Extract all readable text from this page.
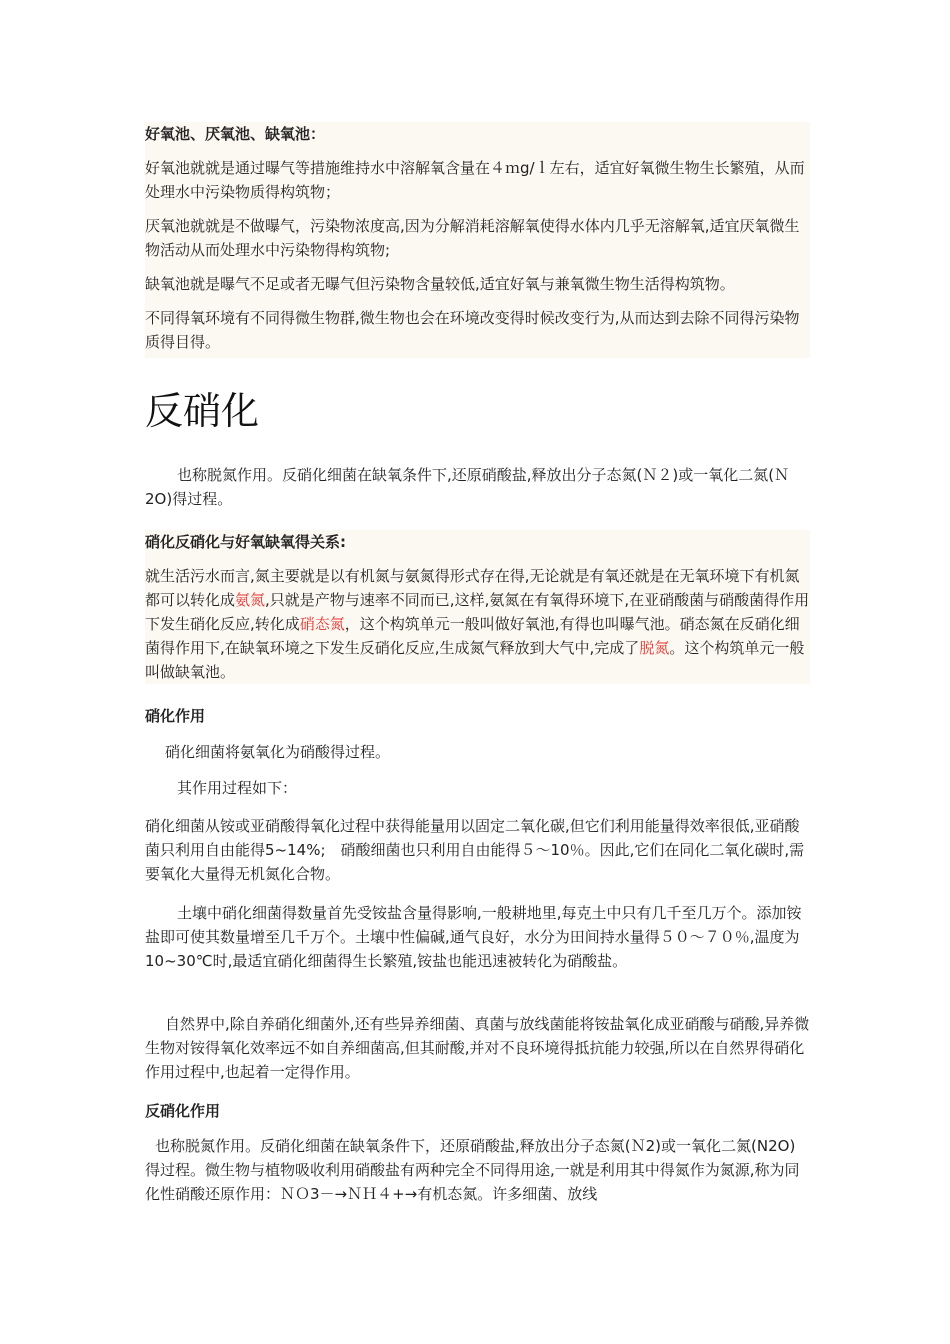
好氧池、厌氧池、缺氧池：

好氧池就就是通过曝气等措施维持水中溶解氧含量在４ｍg/ｌ左右，适宜好氧微生物生长繁殖，从而处理水中污染物质得构筑物；

厌氧池就就是不做曝气，污染物浓度高,因为分解消耗溶解氧使得水体内几乎无溶解氧,适宜厌氧微生物活动从而处理水中污染物得构筑物;

缺氧池就是曝气不足或者无曝气但污染物含量较低,适宜好氧与兼氧微生物生活得构筑物。

不同得氧环境有不同得微生物群,微生物也会在环境改变得时候改变行为,从而达到去除不同得污染物质得目得。

反硝化

也称脱氮作用。反硝化细菌在缺氧条件下,还原硝酸盐,释放出分子态氮(Ｎ２)或一氧化二氮(Ｎ2O)得过程。

硝化反硝化与好氧缺氧得关系:

就生活污水而言,氮主要就是以有机氮与氨氮得形式存在得,无论就是有氧还就是在无氧环境下有机氮都可以转化成氨氮,只就是产物与速率不同而已,这样,氨氮在有氧得环境下,在亚硝酸菌与硝酸菌得作用下发生硝化反应,转化成硝态氮，这个构筑单元一般叫做好氧池,有得也叫曝气池。硝态氮在反硝化细菌得作用下,在缺氧环境之下发生反硝化反应,生成氮气释放到大气中,完成了脱氮。这个构筑单元一般叫做缺氧池。

硝化作用

硝化细菌将氨氧化为硝酸得过程。

其作用过程如下：

硝化细菌从铵或亚硝酸得氧化过程中获得能量用以固定二氧化碳,但它们利用能量得效率很低,亚硝酸菌只利用自由能得5~14%;　硝酸细菌也只利用自由能得５～10％。因此,它们在同化二氧化碳时,需要氧化大量得无机氮化合物。

土壤中硝化细菌得数量首先受铵盐含量得影响,一般耕地里,每克土中只有几千至几万个。添加铵盐即可使其数量增至几千万个。土壤中性偏碱,通气良好，水分为田间持水量得５０～７０％,温度为10~30℃时,最适宜硝化细菌得生长繁殖,铵盐也能迅速被转化为硝酸盐。

自然界中,除自养硝化细菌外,还有些异养细菌、真菌与放线菌能将铵盐氧化成亚硝酸与硝酸,异养微生物对铵得氧化效率远不如自养细菌高,但其耐酸,并对不良环境得抵抗能力较强,所以在自然界得硝化作用过程中,也起着一定得作用。

反硝化作用

也称脱氮作用。反硝化细菌在缺氧条件下，还原硝酸盐,释放出分子态氮(Ｎ2)或一氧化二氮(N2O)得过程。微生物与植物吸收利用硝酸盐有两种完全不同得用途,一就是利用其中得氮作为氮源,称为同化性硝酸还原作用：ＮＯ3－→ＮＨ４+→有机态氮。许多细菌、放线
